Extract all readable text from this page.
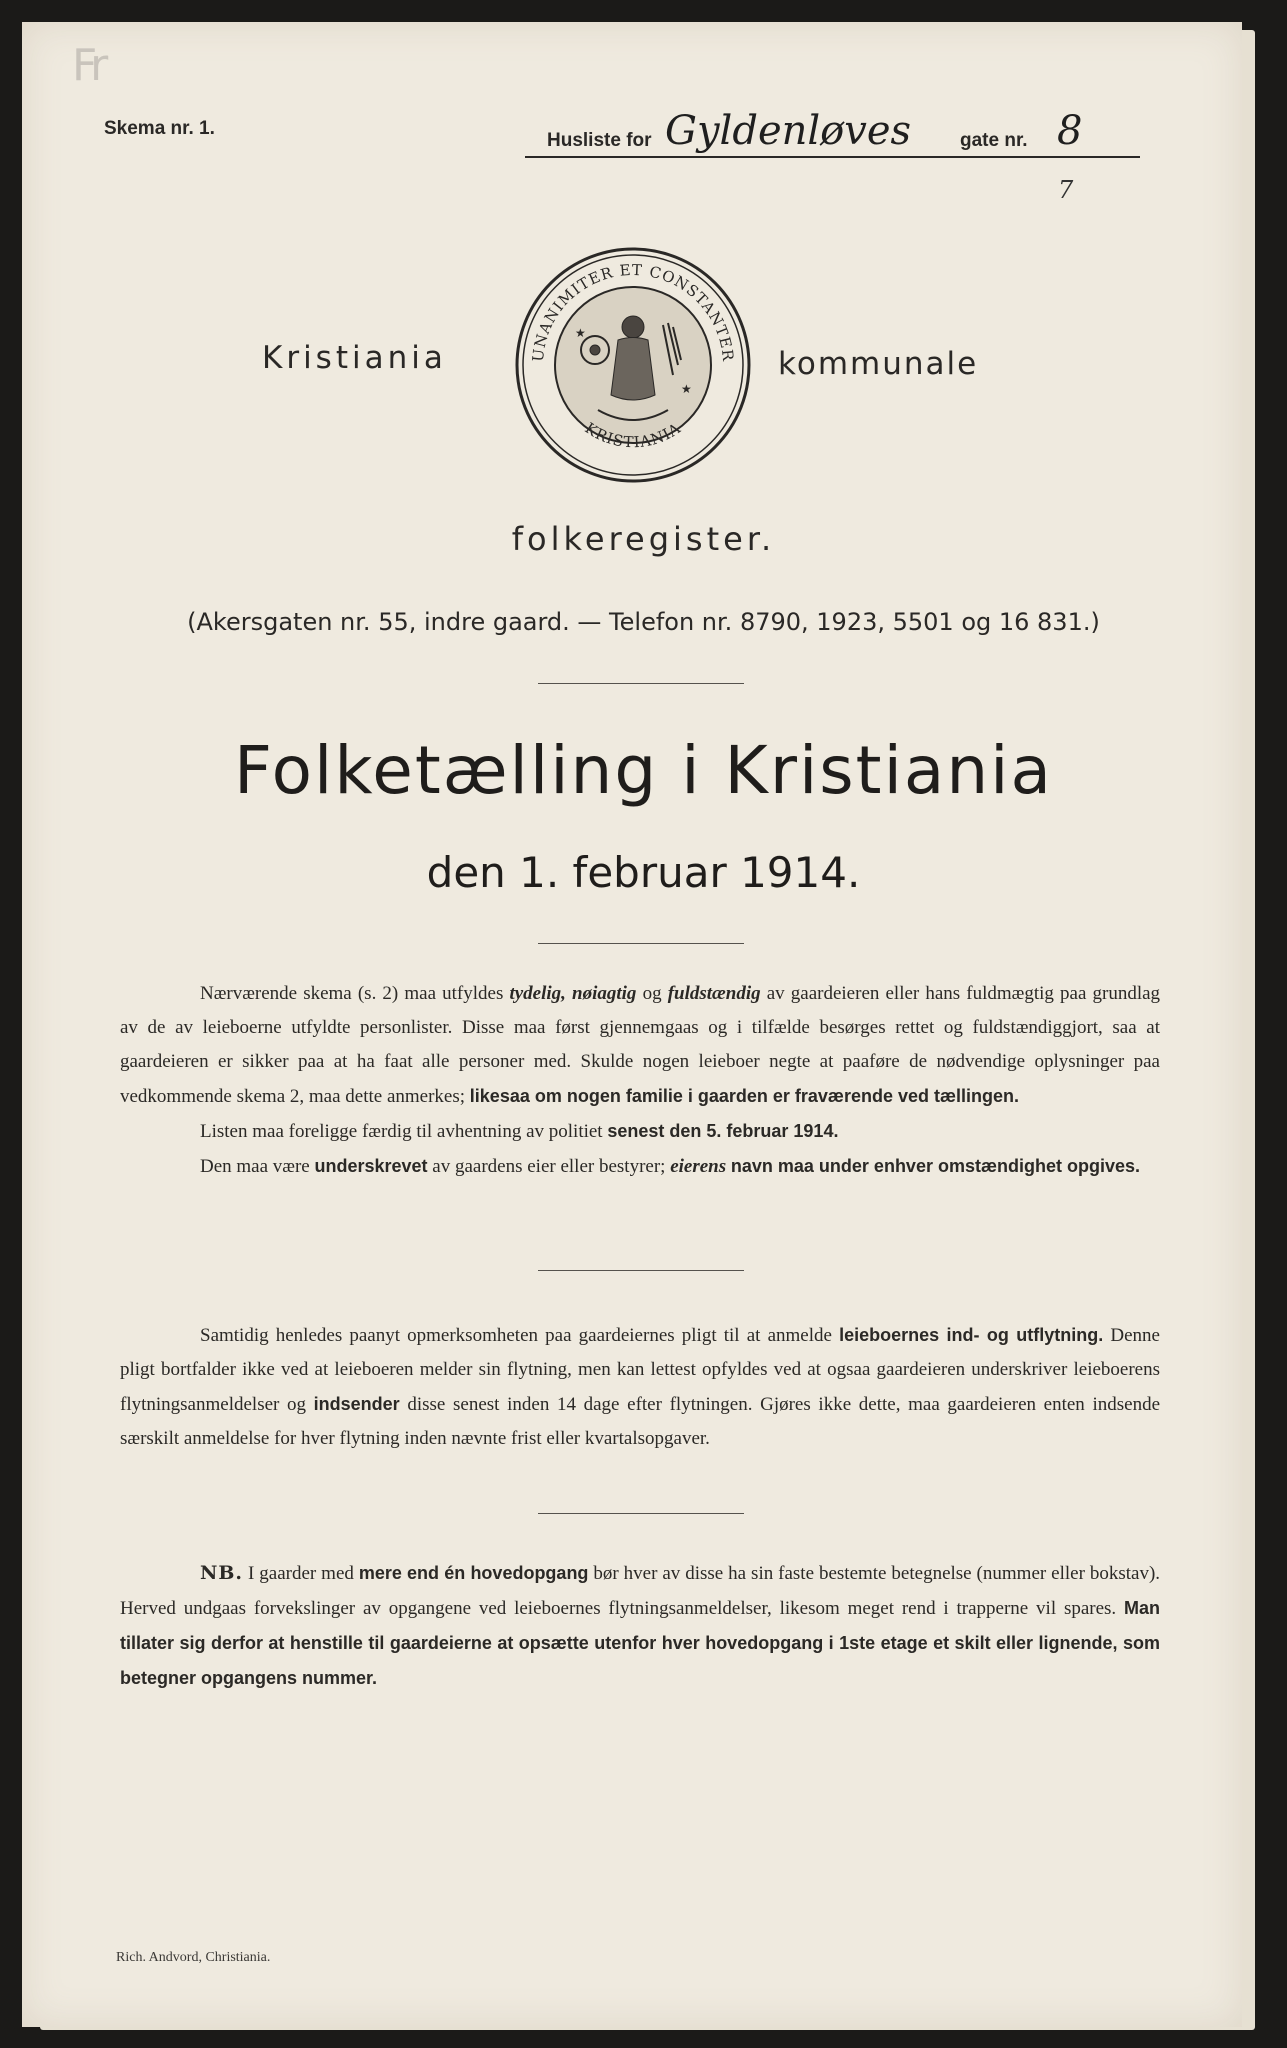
Fr
Skema nr. 1.
Husliste for Gyldenløves	gate nr. 8
7
Kristiania	kommunale
UNANIMITER ET CONSTANTER
KRISTIANIA
★
★
folkeregister.
(Akersgaten nr. 55, indre gaard. — Telefon nr. 8790, 1923, 5501 og 16 831.)
Folketælling i Kristiania
den 1. februar 1914.

Nærværende skema (s. 2) maa utfyldes tydelig, nøiagtig og fuldstændig av gaardeieren eller hans fuldmægtig paa grundlag av de av leieboerne utfyldte personlister. Disse maa først gjennemgaas og i tilfælde besørges rettet og fuldstændiggjort, saa at gaardeieren er sikker paa at ha faat alle personer med. Skulde nogen leieboer negte at paaføre de nødvendige oplysninger paa vedkommende skema 2, maa dette anmerkes; likesaa om nogen familie i gaarden er fraværende ved tællingen.

Listen maa foreligge færdig til avhentning av politiet senest den 5. februar 1914.

Den maa være underskrevet av gaardens eier eller bestyrer; eierens navn maa under enhver omstændighet opgives.

Samtidig henledes paanyt opmerksomheten paa gaardeiernes pligt til at anmelde leieboernes ind- og utflytning. Denne pligt bortfalder ikke ved at leieboeren melder sin flytning, men kan lettest opfyldes ved at ogsaa gaardeieren underskriver leieboerens flytningsanmeldelser og indsender disse senest inden 14 dage efter flytningen. Gjøres ikke dette, maa gaardeieren enten indsende særskilt anmeldelse for hver flytning inden nævnte frist eller kvartalsopgaver.

NB. I gaarder med mere end én hovedopgang bør hver av disse ha sin faste bestemte betegnelse (nummer eller bokstav). Herved undgaas forvekslinger av opgangene ved leieboernes flytningsanmeldelser, likesom meget rend i trapperne vil spares. Man tillater sig derfor at henstille til gaardeierne at opsætte utenfor hver hovedopgang i 1ste etage et skilt eller lignende, som betegner opgangens nummer.

Rich. Andvord, Christiania.
